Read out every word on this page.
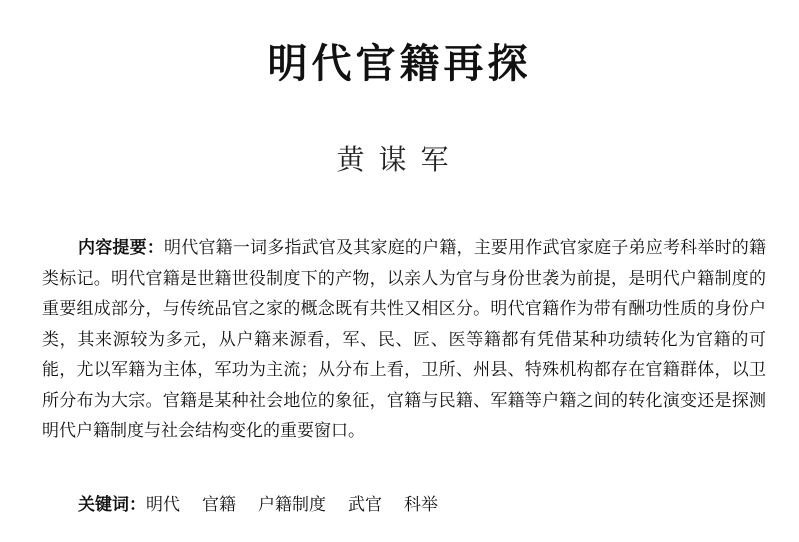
明代官籍再探
黄谋军

内容提要：明代官籍一词多指武官及其家庭的户籍，主要用作武官家庭子弟应考科举时的籍类标记。明代官籍是世籍世役制度下的产物，以亲人为官与身份世袭为前提，是明代户籍制度的重要组成部分，与传统品官之家的概念既有共性又相区分。明代官籍作为带有酬功性质的身份户类，其来源较为多元，从户籍来源看，军、民、匠、医等籍都有凭借某种功绩转化为官籍的可能，尤以军籍为主体，军功为主流；从分布上看，卫所、州县、特殊机构都存在官籍群体，以卫所分布为大宗。官籍是某种社会地位的象征，官籍与民籍、军籍等户籍之间的转化演变还是探测明代户籍制度与社会结构变化的重要窗口。

关键词：明代 官籍 户籍制度 武官 科举
